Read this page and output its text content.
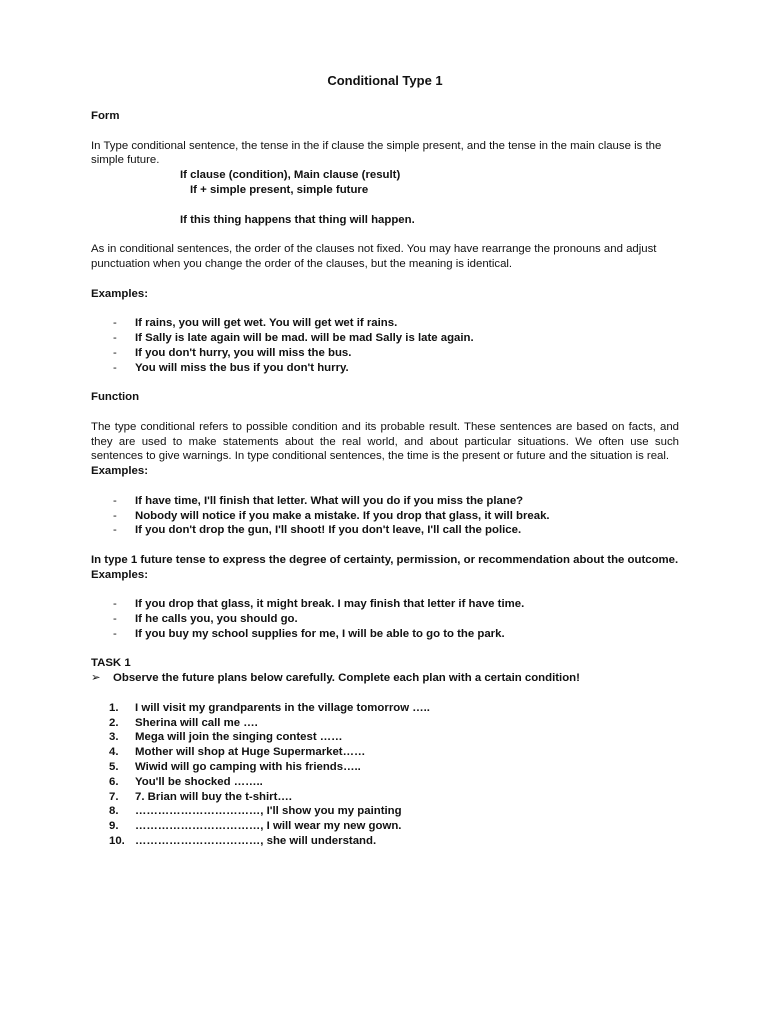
Conditional Type 1

Form

In Type conditional sentence, the tense in the if clause the simple present, and the tense in the main clause is the simple future.

If clause (condition), Main clause (result)

If + simple present, simple future

If this thing happens that thing will happen.

As in conditional sentences, the order of the clauses not fixed. You may have rearrange the pronouns and adjust punctuation when you change the order of the clauses, but the meaning is identical.

Examples:

- If rains, you will get wet. You will get wet if rains.
- If Sally is late again will be mad. will be mad Sally is late again.
- If you don't hurry, you will miss the bus.
- You will miss the bus if you don't hurry.

Function

The type conditional refers to possible condition and its probable result. These sentences are based on facts, and they are used to make statements about the real world, and about particular situations. We often use such sentences to give warnings. In type conditional sentences, the time is the present or future and the situation is real.

Examples:

- If have time, I'll finish that letter. What will you do if you miss the plane?
- Nobody will notice if you make a mistake. If you drop that glass, it will break.
- If you don't drop the gun, I'll shoot! If you don't leave, I'll call the police.

In type 1 future tense to express the degree of certainty, permission, or recommendation about the outcome.

Examples:

- If you drop that glass, it might break. I may finish that letter if have time.
- If he calls you, you should go.
- If you buy my school supplies for me, I will be able to go to the park.

TASK 1

➢ Observe the future plans below carefully. Complete each plan with a certain condition!

1.	I will visit my grandparents in the village tomorrow …..
2.	Sherina will call me ….
3.	Mega will join the singing contest ……
4.	Mother will shop at Huge Supermarket……
5.	Wiwid will go camping with his friends…..
6.	You'll be shocked ……..
7.	7. Brian will buy the t-shirt….
8.	……………………………, I'll show you my painting
9.	……………………………, I will wear my new gown.
10. ……………………………, she will understand.
